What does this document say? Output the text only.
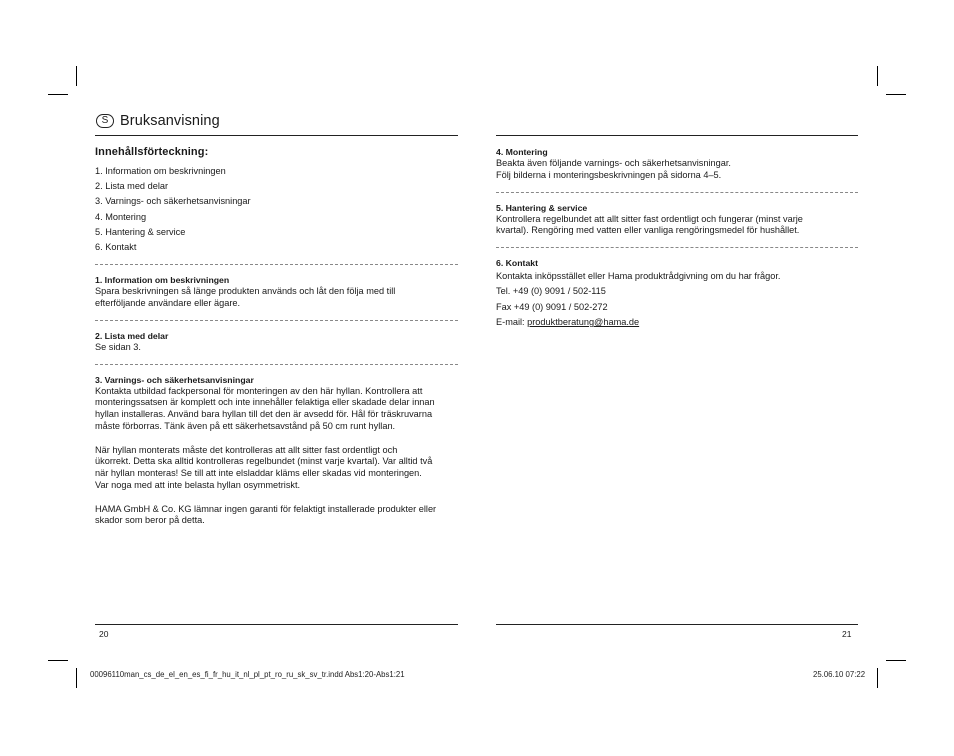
S Bruksanvisning
Innehållsförteckning:
1. Information om beskrivningen
2. Lista med delar
3. Varnings- och säkerhetsanvisningar
4. Montering
5. Hantering & service
6. Kontakt
1. Information om beskrivningen
Spara beskrivningen så länge produkten används och låt den följa med till
efterföljande användare eller ägare.
2. Lista med delar
Se sidan 3.
3. Varnings- och säkerhetsanvisningar
Kontakta utbildad fackpersonal för monteringen av den här hyllan. Kontrollera att
monteringssatsen är komplett och inte innehåller felaktiga eller skadade delar innan
hyllan installeras. Använd bara hyllan till det den är avsedd för. Hål för träskruvarna
måste förborras. Tänk även på ett säkerhetsavstånd på 50 cm runt hyllan.
När hyllan monterats måste det kontrolleras att allt sitter fast ordentligt och
ükorrekt. Detta ska alltid kontrolleras regelbundet (minst varje kvartal). Var alltid två
när hyllan monteras! Se till att inte elsladdar kläms eller skadas vid monteringen.
Var noga med att inte belasta hyllan osymmetriskt.
HAMA GmbH & Co. KG lämnar ingen garanti för felaktigt installerade produkter eller
skador som beror på detta.
4. Montering
Beakta även följande varnings- och säkerhetsanvisningar.
Följ bilderna i monteringsbeskrivningen på sidorna 4–5.
5. Hantering & service
Kontrollera regelbundet att allt sitter fast ordentligt och fungerar (minst varje
kvartal). Rengöring med vatten eller vanliga rengöringsmedel för hushållet.
6. Kontakt
Kontakta inköpsstället eller Hama produktrådgivning om du har frågor.
Tel. +49 (0) 9091 / 502-115
Fax +49 (0) 9091 / 502-272
E-mail: produktberatung@hama.de
20	21
00096110man_cs_de_el_en_es_fi_fr_hu_it_nl_pl_pt_ro_ru_sk_sv_tr.indd Abs1:20-Abs1:21	25.06.10 07:22
